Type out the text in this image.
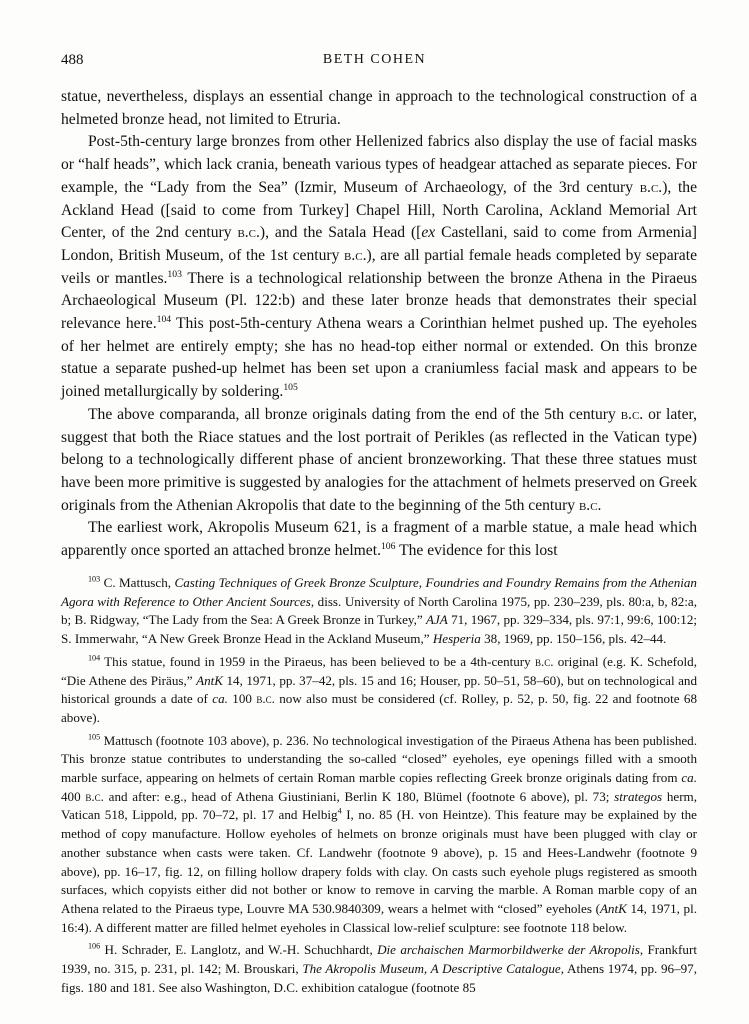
488	BETH COHEN

statue, nevertheless, displays an essential change in approach to the technological construction of a helmeted bronze head, not limited to Etruria.

Post-5th-century large bronzes from other Hellenized fabrics also display the use of facial masks or “half heads”, which lack crania, beneath various types of headgear attached as separate pieces. For example, the “Lady from the Sea” (Izmir, Museum of Archaeology, of the 3rd century b.c.), the Ackland Head ([said to come from Turkey] Chapel Hill, North Carolina, Ackland Memorial Art Center, of the 2nd century b.c.), and the Satala Head ([ex Castellani, said to come from Armenia] London, British Museum, of the 1st century b.c.), are all partial female heads completed by separate veils or mantles.$^{103}$ There is a technological relationship between the bronze Athena in the Piraeus Archaeological Museum (Pl. 122:b) and these later bronze heads that demonstrates their special relevance here.$^{104}$ This post-5th-century Athena wears a Corinthian helmet pushed up. The eyeholes of her helmet are entirely empty; she has no head-top either normal or extended. On this bronze statue a separate pushed-up helmet has been set upon a craniumless facial mask and appears to be joined metallurgically by soldering.$^{105}$

The above comparanda, all bronze originals dating from the end of the 5th century b.c. or later, suggest that both the Riace statues and the lost portrait of Perikles (as reflected in the Vatican type) belong to a technologically different phase of ancient bronzeworking. That these three statues must have been more primitive is suggested by analogies for the attachment of helmets preserved on Greek originals from the Athenian Akropolis that date to the beginning of the 5th century b.c.

The earliest work, Akropolis Museum 621, is a fragment of a marble statue, a male head which apparently once sported an attached bronze helmet.$^{106}$ The evidence for this lost

$^{103}$ C. Mattusch, Casting Techniques of Greek Bronze Sculpture, Foundries and Foundry Remains from the Athenian Agora with Reference to Other Ancient Sources, diss. University of North Carolina 1975, pp. 230–239, pls. 80:a, b, 82:a, b; B. Ridgway, “The Lady from the Sea: A Greek Bronze in Turkey,” AJA 71, 1967, pp. 329–334, pls. 97:1, 99:6, 100:12; S. Immerwahr, “A New Greek Bronze Head in the Ackland Museum,” Hesperia 38, 1969, pp. 150–156, pls. 42–44.

$^{104}$ This statue, found in 1959 in the Piraeus, has been believed to be a 4th-century b.c. original (e.g. K. Schefold, “Die Athene des Piräus,” AntK 14, 1971, pp. 37–42, pls. 15 and 16; Houser, pp. 50–51, 58–60), but on technological and historical grounds a date of ca. 100 b.c. now also must be considered (cf. Rolley, p. 52, p. 50, fig. 22 and footnote 68 above).

$^{105}$ Mattusch (footnote 103 above), p. 236. No technological investigation of the Piraeus Athena has been published. This bronze statue contributes to understanding the so-called “closed” eyeholes, eye openings filled with a smooth marble surface, appearing on helmets of certain Roman marble copies reflecting Greek bronze originals dating from ca. 400 b.c. and after: e.g., head of Athena Giustiniani, Berlin K 180, Blümel (footnote 6 above), pl. 73; strategos herm, Vatican 518, Lippold, pp. 70–72, pl. 17 and Helbig$^4$ I, no. 85 (H. von Heintze). This feature may be explained by the method of copy manufacture. Hollow eyeholes of helmets on bronze originals must have been plugged with clay or another substance when casts were taken. Cf. Landwehr (footnote 9 above), p. 15 and Hees-Landwehr (footnote 9 above), pp. 16–17, fig. 12, on filling hollow drapery folds with clay. On casts such eyehole plugs registered as smooth surfaces, which copyists either did not bother or know to remove in carving the marble. A Roman marble copy of an Athena related to the Piraeus type, Louvre MA 530.9840309, wears a helmet with “closed” eyeholes (AntK 14, 1971, pl. 16:4). A different matter are filled helmet eyeholes in Classical low-relief sculpture: see footnote 118 below.

$^{106}$ H. Schrader, E. Langlotz, and W.-H. Schuchhardt, Die archaischen Marmorbildwerke der Akropolis, Frankfurt 1939, no. 315, p. 231, pl. 142; M. Brouskari, The Akropolis Museum, A Descriptive Catalogue, Athens 1974, pp. 96–97, figs. 180 and 181. See also Washington, D.C. exhibition catalogue (footnote 85
